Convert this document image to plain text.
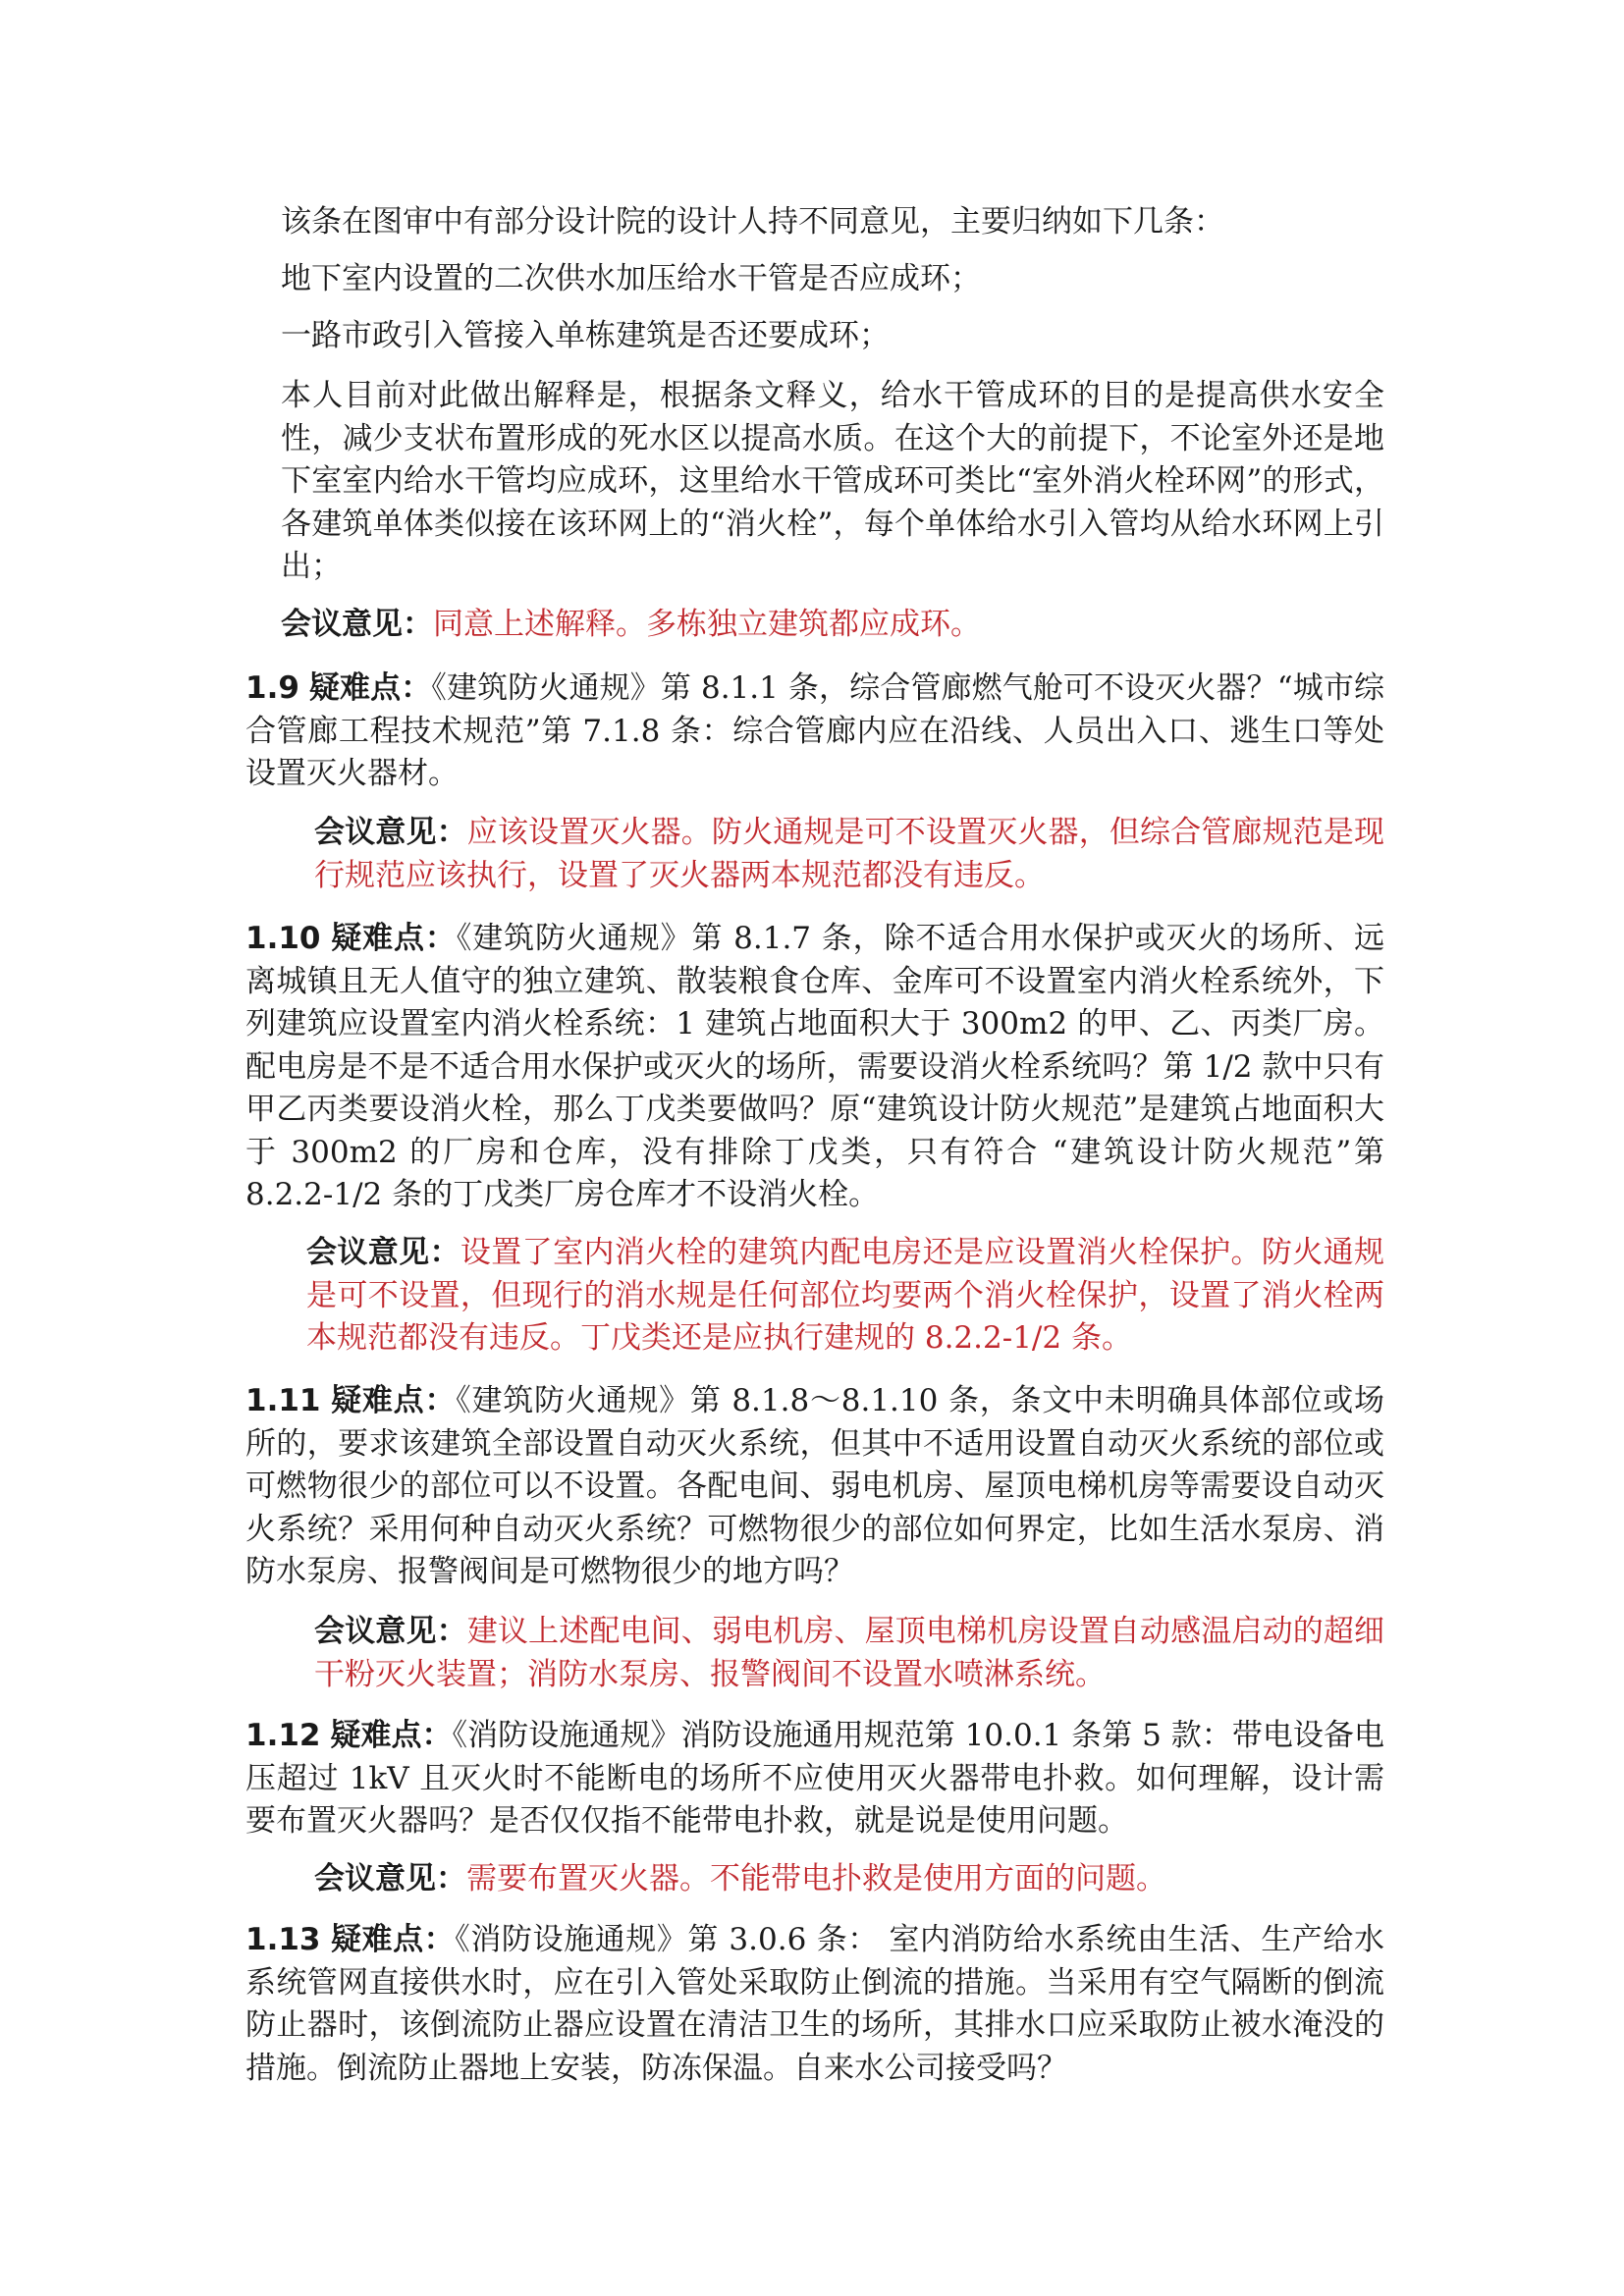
该条在图审中有部分设计院的设计人持不同意见，主要归纳如下几条：

地下室内设置的二次供水加压给水干管是否应成环；

一路市政引入管接入单栋建筑是否还要成环；

本人目前对此做出解释是，根据条文释义，给水干管成环的目的是提高供水安全性，减少支状布置形成的死水区以提高水质。在这个大的前提下，不论室外还是地下室室内给水干管均应成环，这里给水干管成环可类比“室外消火栓环网”的形式，各建筑单体类似接在该环网上的“消火栓”，每个单体给水引入管均从给水环网上引出；

会议意见：同意上述解释。多栋独立建筑都应成环。

1.9 疑难点：《建筑防火通规》第 8.1.1 条，综合管廊燃气舱可不设灭火器？“城市综合管廊工程技术规范”第 7.1.8 条：综合管廊内应在沿线、人员出入口、逃生口等处设置灭火器材。

会议意见：应该设置灭火器。防火通规是可不设置灭火器，但综合管廊规范是现行规范应该执行，设置了灭火器两本规范都没有违反。

1.10 疑难点：《建筑防火通规》第 8.1.7 条，除不适合用水保护或灭火的场所、远离城镇且无人值守的独立建筑、散装粮食仓库、金库可不设置室内消火栓系统外，下列建筑应设置室内消火栓系统：1 建筑占地面积大于 300m2 的甲、乙、丙类厂房。配电房是不是不适合用水保护或灭火的场所，需要设消火栓系统吗？第 1/2 款中只有甲乙丙类要设消火栓，那么丁戊类要做吗？原“建筑设计防火规范”是建筑占地面积大于 300m2 的厂房和仓库，没有排除丁戊类，只有符合 “建筑设计防火规范”第 8.2.2-1/2 条的丁戊类厂房仓库才不设消火栓。

会议意见：设置了室内消火栓的建筑内配电房还是应设置消火栓保护。防火通规是可不设置，但现行的消水规是任何部位均要两个消火栓保护，设置了消火栓两本规范都没有违反。丁戊类还是应执行建规的 8.2.2-1/2 条。

1.11 疑难点：《建筑防火通规》第 8.1.8～8.1.10 条，条文中未明确具体部位或场所的，要求该建筑全部设置自动灭火系统，但其中不适用设置自动灭火系统的部位或可燃物很少的部位可以不设置。各配电间、弱电机房、屋顶电梯机房等需要设自动灭火系统？采用何种自动灭火系统？可燃物很少的部位如何界定，比如生活水泵房、消防水泵房、报警阀间是可燃物很少的地方吗？

会议意见：建议上述配电间、弱电机房、屋顶电梯机房设置自动感温启动的超细干粉灭火装置；消防水泵房、报警阀间不设置水喷淋系统。

1.12 疑难点：《消防设施通规》消防设施通用规范第 10.0.1 条第 5 款：带电设备电压超过 1kV 且灭火时不能断电的场所不应使用灭火器带电扑救。如何理解，设计需要布置灭火器吗？是否仅仅指不能带电扑救，就是说是使用问题。

会议意见：需要布置灭火器。不能带电扑救是使用方面的问题。

1.13 疑难点：《消防设施通规》第 3.0.6 条： 室内消防给水系统由生活、生产给水系统管网直接供水时，应在引入管处采取防止倒流的措施。当采用有空气隔断的倒流防止器时，该倒流防止器应设置在清洁卫生的场所，其排水口应采取防止被水淹没的措施。倒流防止器地上安装，防冻保温。自来水公司接受吗？
